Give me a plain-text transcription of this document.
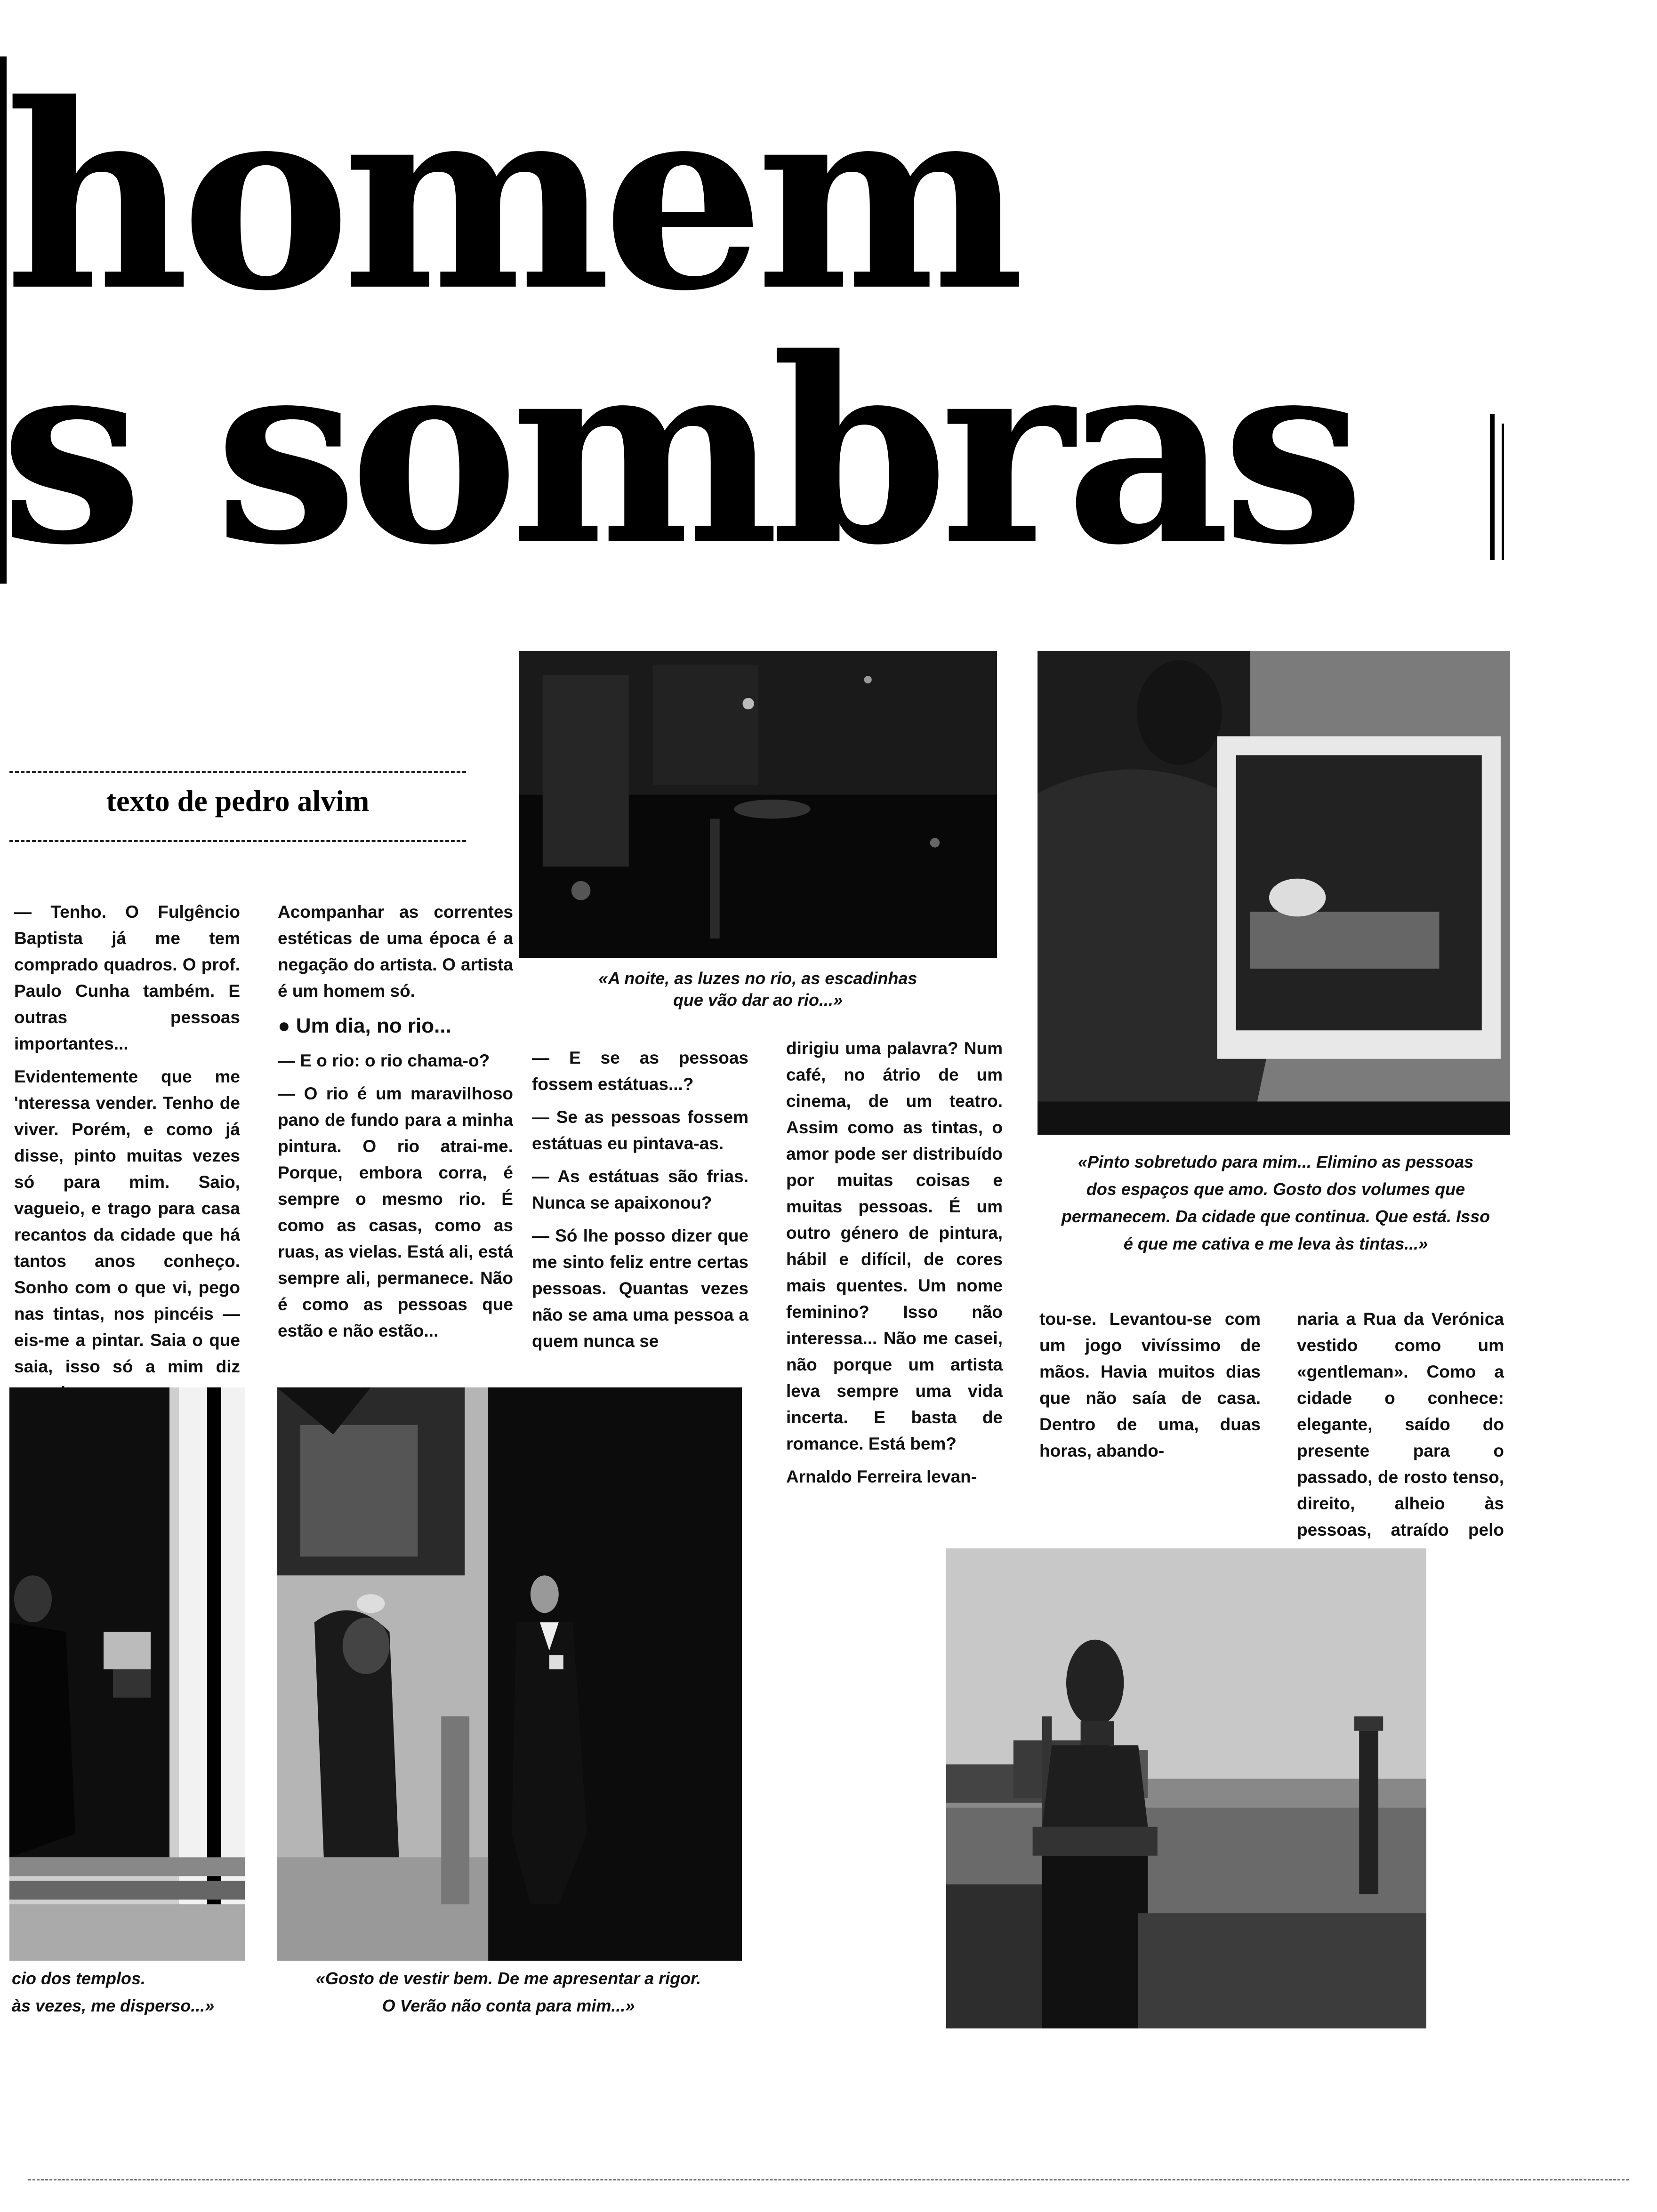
homem
s sombras
texto de pedro alvim
«A noite, as luzes no rio, as escadinhas
que vão dar ao rio...»
«Pinto sobretudo para mim... Elimino as pessoas
dos espaços que amo. Gosto dos volumes que permanecem. Da cidade que continua. Que está. Isso
é que me cativa e me leva às tintas...»

— Tenho. O Fulgêncio Baptista já me tem comprado quadros. O prof. Paulo Cunha também. E outras pessoas importantes...

Evidentemente que me 'nteressa vender. Tenho de viver. Porém, e como já disse, pinto muitas vezes só para mim. Saio, vagueio, e trago para casa recantos da cidade que há tantos anos conheço. Sonho com o que vi, pego nas tintas, nos pincéis — eis-me a pintar. Saia o que saia, isso só a mim diz

Acompanhar as correntes estéticas de uma época é a negação do artista. O artista é um homem só.

● Um dia, no rio...

— E o rio: o rio chama-o?

— O rio é um maravilhoso pano de fundo para a minha pintura. O rio atrai-me. Porque, embora corra, é sempre o mesmo rio. É como as casas, como as ruas, as vielas. Está ali, está sempre ali, permanece. Não é como as pessoas que estão e não estão...

— E se as pessoas fossem estátuas...?

— Se as pessoas fossem estátuas eu pintava-as.

— As estátuas são frias. Nunca se apaixonou?

— Só lhe posso dizer que me sinto feliz entre certas pessoas. Quantas vezes não se ama uma pessoa a quem nunca se

dirigiu uma palavra? Num café, no átrio de um cinema, de um teatro. Assim como as tintas, o amor pode ser distribuído por muitas coisas e muitas pessoas. É um outro género de pintura, hábil e difícil, de cores mais quentes. Um nome feminino? Isso não interessa... Não me casei, não porque um artista leva sempre uma vida incerta. E basta de romance. Está bem?

Arnaldo Ferreira levan-

tou-se. Levantou-se com um jogo vivíssimo de mãos. Havia muitos dias que não saía de casa. Dentro de uma, duas horas, abando-

naria a Rua da Verónica vestido como um «gentleman». Como a cidade o conhece: elegante, saído do presente para o passado, de rosto tenso, direito, alheio às pessoas, atraído pelo

cio dos templos.
às vezes, me disperso...»
«Gosto de vestir bem. De me apresentar a rigor.
O Verão não conta para mim...»
